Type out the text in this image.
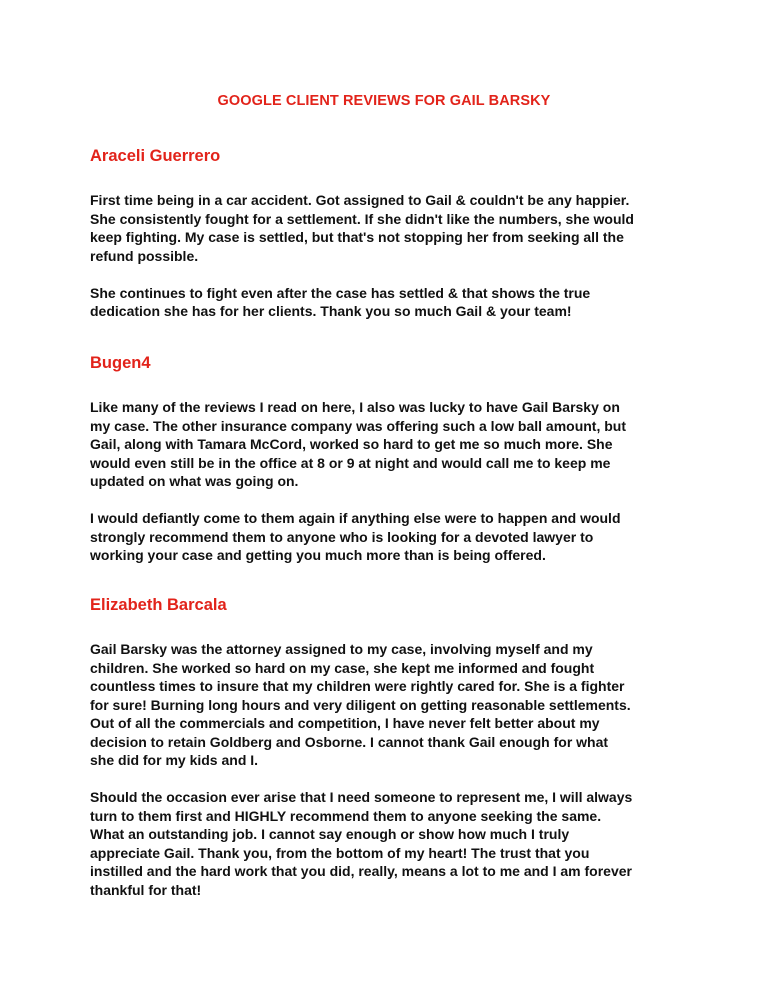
GOOGLE CLIENT REVIEWS FOR GAIL BARSKY
Araceli Guerrero

First time being in a car accident. Got assigned to Gail & couldn't be any happier.
She consistently fought for a settlement. If she didn't like the numbers, she would
keep fighting. My case is settled, but that's not stopping her from seeking all the
refund possible.

She continues to fight even after the case has settled & that shows the true
dedication she has for her clients. Thank you so much Gail & your team!

Bugen4

Like many of the reviews I read on here, I also was lucky to have Gail Barsky on
my case. The other insurance company was offering such a low ball amount, but
Gail, along with Tamara McCord, worked so hard to get me so much more. She
would even still be in the office at 8 or 9 at night and would call me to keep me
updated on what was going on.

I would defiantly come to them again if anything else were to happen and would
strongly recommend them to anyone who is looking for a devoted lawyer to
working your case and getting you much more than is being offered.

Elizabeth Barcala

Gail Barsky was the attorney assigned to my case, involving myself and my
children. She worked so hard on my case, she kept me informed and fought
countless times to insure that my children were rightly cared for. She is a fighter
for sure! Burning long hours and very diligent on getting reasonable settlements.
Out of all the commercials and competition, I have never felt better about my
decision to retain Goldberg and Osborne. I cannot thank Gail enough for what
she did for my kids and I.

Should the occasion ever arise that I need someone to represent me, I will always
turn to them first and HIGHLY recommend them to anyone seeking the same.
What an outstanding job. I cannot say enough or show how much I truly
appreciate Gail. Thank you, from the bottom of my heart! The trust that you
instilled and the hard work that you did, really, means a lot to me and I am forever
thankful for that!
